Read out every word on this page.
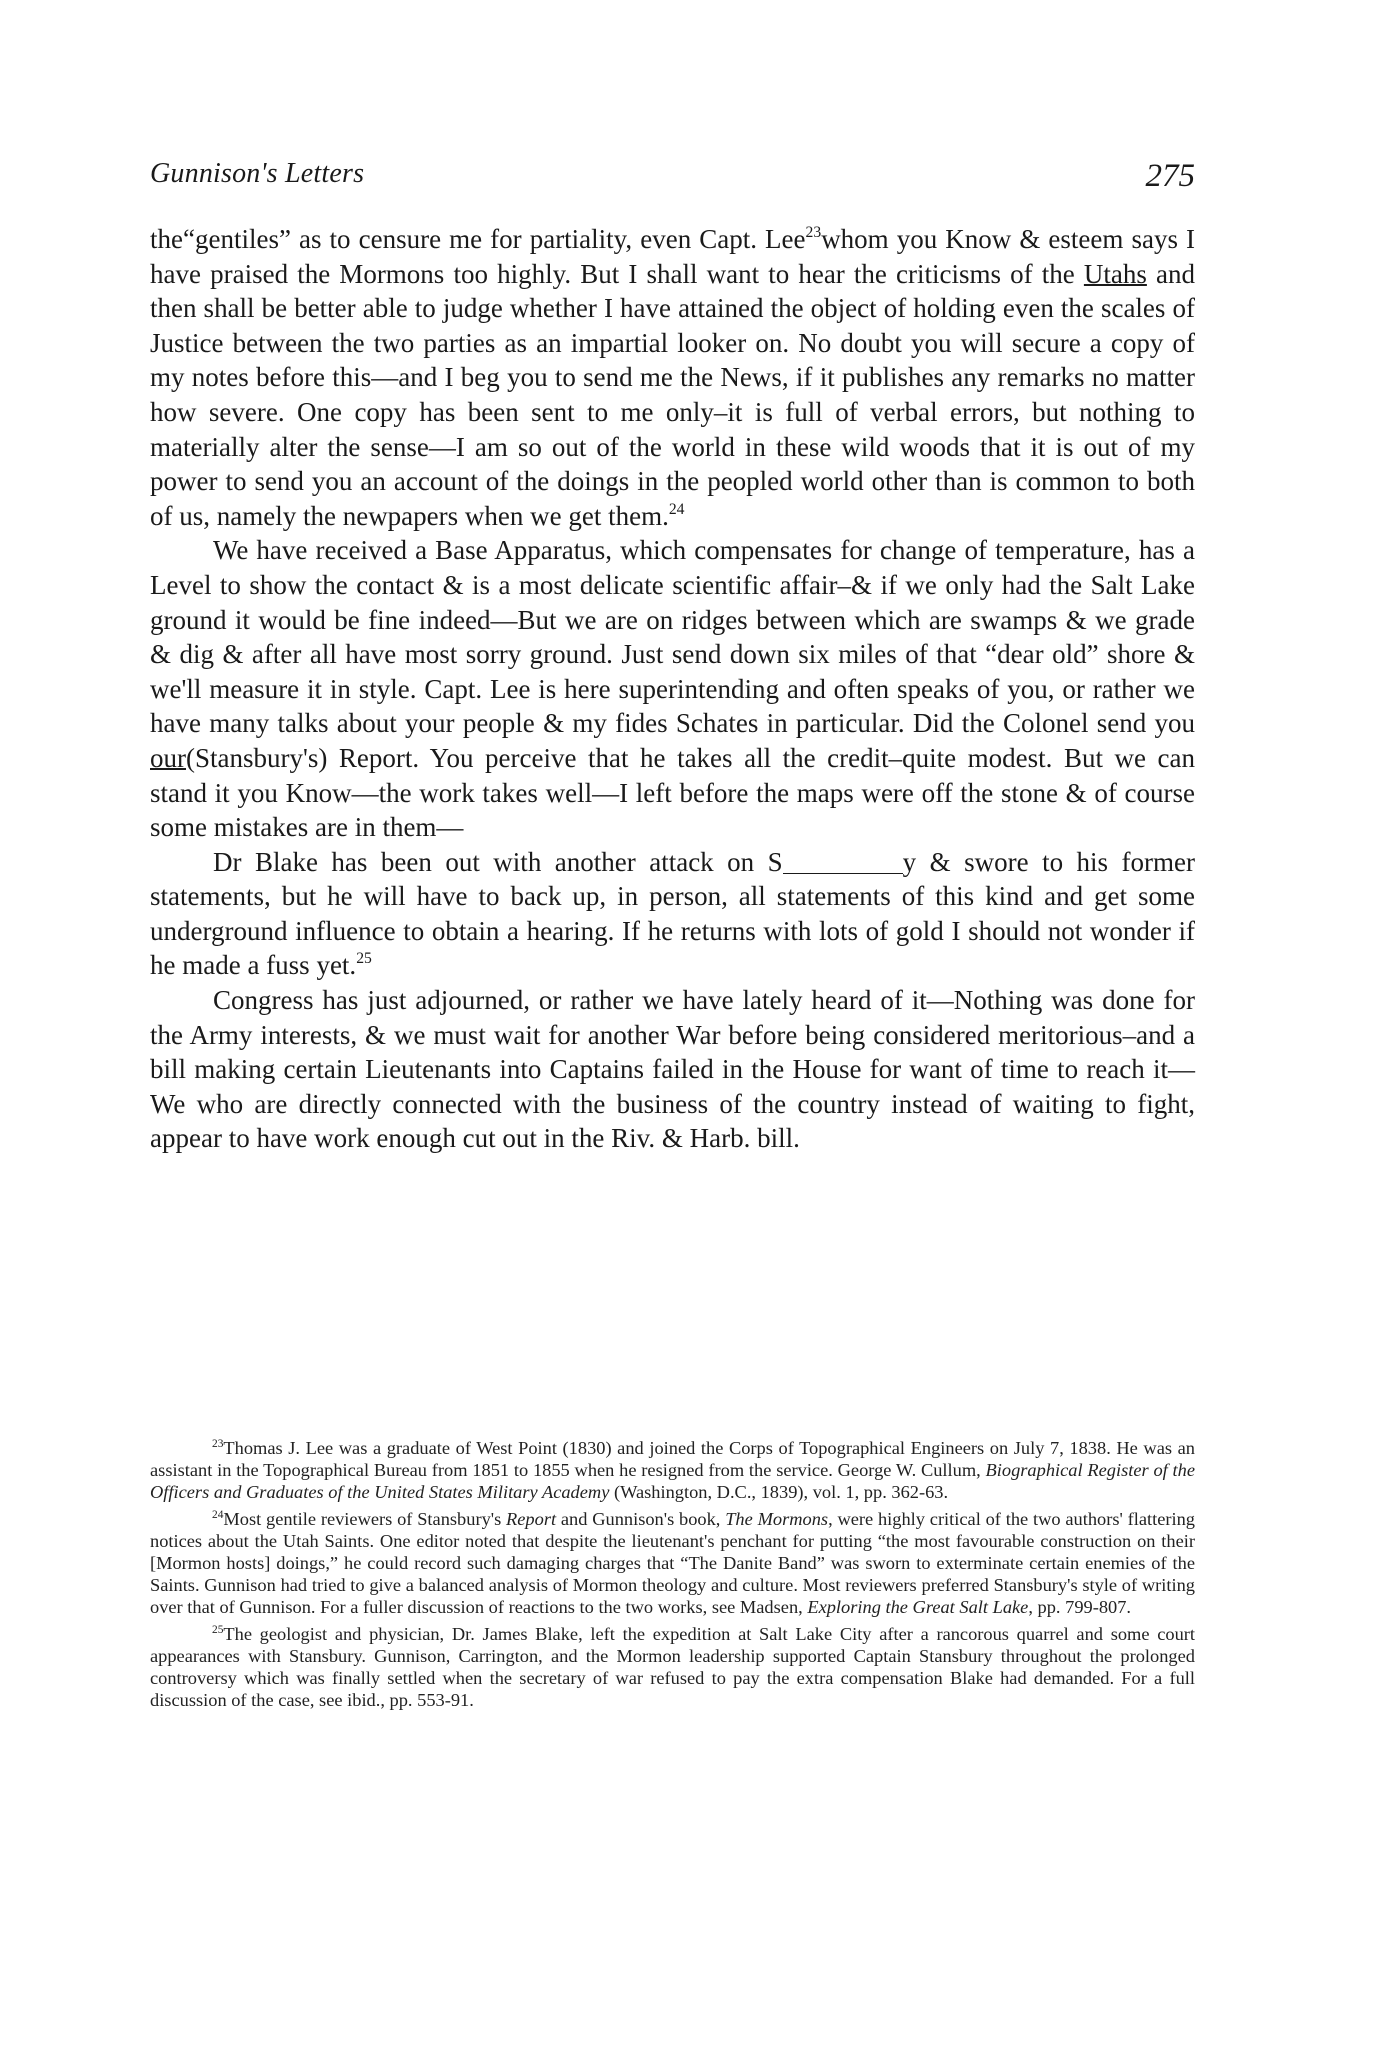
Gunnison's Letters	275

the“gentiles” as to censure me for partiality, even Capt. Lee$^{23}$whom you Know & esteem says I have praised the Mormons too highly. But I shall want to hear the criticisms of the Utahs and then shall be better able to judge whether I have attained the object of holding even the scales of Justice between the two parties as an impartial looker on. No doubt you will secure a copy of my notes before this—and I beg you to send me the News, if it publishes any remarks no matter how severe. One copy has been sent to me only–it is full of verbal errors, but nothing to materially alter the sense—I am so out of the world in these wild woods that it is out of my power to send you an account of the doings in the peopled world other than is common to both of us, namely the newpapers when we get them.$^{24}$

We have received a Base Apparatus, which compensates for change of temperature, has a Level to show the contact & is a most delicate scientific affair–& if we only had the Salt Lake ground it would be fine indeed—But we are on ridges between which are swamps & we grade & dig & after all have most sorry ground. Just send down six miles of that “dear old” shore & we'll measure it in style. Capt. Lee is here superintending and often speaks of you, or rather we have many talks about your people & my fides Schates in particular. Did the Colonel send you our(Stansbury's) Report. You perceive that he takes all the credit–quite modest. But we can stand it you Know—the work takes well—I left before the maps were off the stone & of course some mistakes are in them—

Dr Blake has been out with another attack on S	y & swore to his former statements, but he will have to back up, in person, all statements of this kind and get some underground influence to obtain a hearing. If he returns with lots of gold I should not wonder if he made a fuss yet.$^{25}$

Congress has just adjourned, or rather we have lately heard of it—Nothing was done for the Army interests, & we must wait for another War before being considered meritorious–and a bill making certain Lieutenants into Captains failed in the House for want of time to reach it—We who are directly connected with the business of the country instead of waiting to fight, appear to have work enough cut out in the Riv. & Harb. bill.

$^{23}$Thomas J. Lee was a graduate of West Point (1830) and joined the Corps of Topographical Engineers on July 7, 1838. He was an assistant in the Topographical Bureau from 1851 to 1855 when he resigned from the service. George W. Cullum, Biographical Register of the Officers and Graduates of the United States Military Academy (Washington, D.C., 1839), vol. 1, pp. 362-63.

$^{24}$Most gentile reviewers of Stansbury's Report and Gunnison's book, The Mormons, were highly critical of the two authors' flattering notices about the Utah Saints. One editor noted that despite the lieutenant's penchant for putting “the most favourable construction on their [Mormon hosts] doings,” he could record such damaging charges that “The Danite Band” was sworn to exterminate certain enemies of the Saints. Gunnison had tried to give a balanced analysis of Mormon theology and culture. Most reviewers preferred Stansbury's style of writing over that of Gunnison. For a fuller discussion of reactions to the two works, see Madsen, Exploring the Great Salt Lake, pp. 799-807.

$^{25}$The geologist and physician, Dr. James Blake, left the expedition at Salt Lake City after a rancorous quarrel and some court appearances with Stansbury. Gunnison, Carrington, and the Mormon leadership supported Captain Stansbury throughout the prolonged controversy which was finally settled when the secretary of war refused to pay the extra compensation Blake had demanded. For a full discussion of the case, see ibid., pp. 553-91.
